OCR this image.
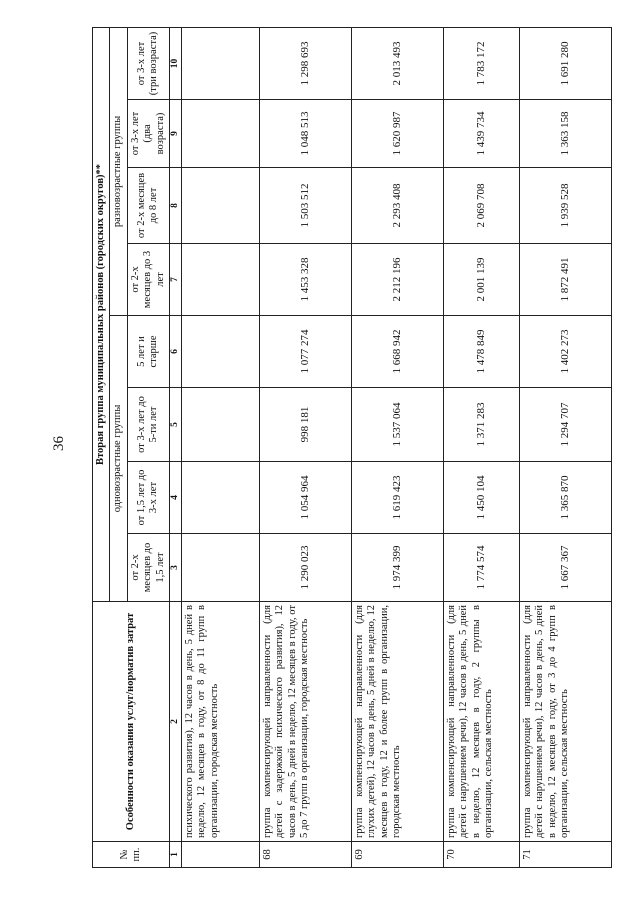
36
№ пп.	Особенности оказания услуг/норматив затрат	Вторая группа муниципальных районов (городских округов)**							
		одновозрастные группы				разновозрастные группы			
		от 2-х месяцев до 1,5 лет	от 1,5 лет до 3-х лет	от 3-х лет до 5-ти лет	5 лет и старше	от 2-х месяцев до 3 лет	от 2-х месяцев до 8 лет	от 3-х лет (два возраста)	от 3-х лет (три возраста)
1	2	3	4	5	6	7	8	9	10
	психического развития), 12 часов в день, 5 дней в неделю, 12 месяцев в году, от 8 до 11 групп в организации, городская местность								
68	группа компенсирующей направленности (для детей с задержкой психического развития), 12 часов в день, 5 дней в неделю, 12 месяцев в году, от 5 до 7 групп в организации, городская местность	1 290 023	1 054 964	998 181	1 077 274	1 453 328	1 503 512	1 048 513	1 298 693
69	группа компенсирующей направленности (для глухих детей), 12 часов в день, 5 дней в неделю, 12 месяцев в году, 12 и более групп в организации, городская местность	1 974 399	1 619 423	1 537 064	1 668 942	2 212 196	2 293 408	1 620 987	2 013 493
70	группа компенсирующей направленности (для детей с нарушением речи), 12 часов в день, 5 дней в неделю, 12 месяцев в году, 2 группы в организации, сельская местность	1 774 574	1 450 104	1 371 283	1 478 849	2 001 139	2 069 708	1 439 734	1 783 172
71	группа компенсирующей направленности (для детей с нарушением речи), 12 часов в день, 5 дней в неделю, 12 месяцев в году, от 3 до 4 групп в организации, сельская местность	1 667 367	1 365 870	1 294 707	1 402 273	1 872 491	1 939 528	1 363 158	1 691 280
